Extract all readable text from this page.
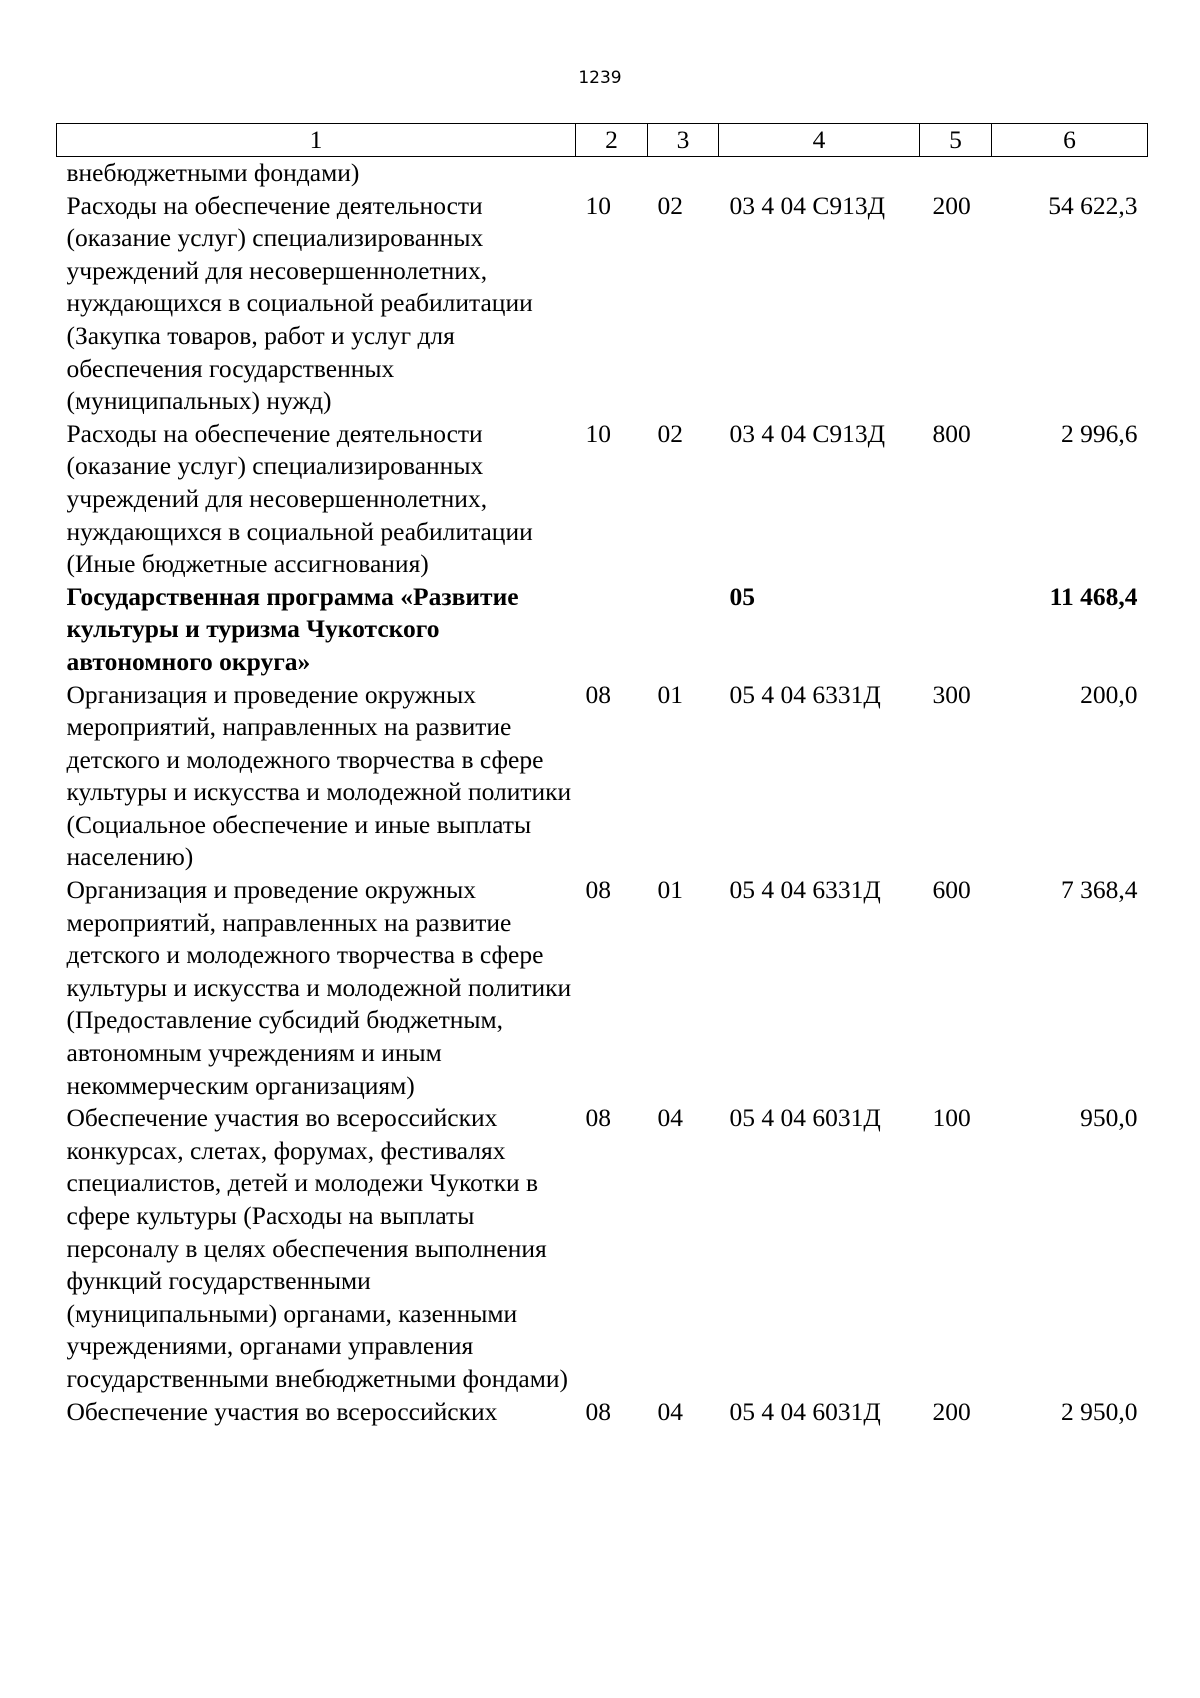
1239
1	2	3	4	5	6
внебюджетными фондами)					
Расходы на обеспечение деятельности (оказание услуг) специализированных учреждений для несовершеннолетних, нуждающихся в социальной реабилитации (Закупка товаров, работ и услуг для обеспечения государственных (муниципальных) нужд)	10	02	03 4 04 С913Д	200	54 622,3
Расходы на обеспечение деятельности (оказание услуг) специализированных учреждений для несовершеннолетних, нуждающихся в социальной реабилитации (Иные бюджетные ассигнования)	10	02	03 4 04 С913Д	800	2 996,6
Государственная программа «Развитие культуры и туризма Чукотского автономного округа»			05		11 468,4
Организация и проведение окружных мероприятий, направленных на развитие детского и молодежного творчества в сфере культуры и искусства и молодежной политики (Социальное обеспечение и иные выплаты населению)	08	01	05 4 04 6331Д	300	200,0
Организация и проведение окружных мероприятий, направленных на развитие детского и молодежного творчества в сфере культуры и искусства и молодежной политики (Предоставление субсидий бюджетным, автономным учреждениям и иным некоммерческим организациям)	08	01	05 4 04 6331Д	600	7 368,4
Обеспечение участия во всероссийских конкурсах, слетах, форумах, фестивалях специалистов, детей и молодежи Чукотки в сфере культуры (Расходы на выплаты персоналу в целях обеспечения выполнения функций государственными (муниципальными) органами, казенными учреждениями, органами управления государственными внебюджетными фондами)	08	04	05 4 04 6031Д	100	950,0
Обеспечение участия во всероссийских	08	04	05 4 04 6031Д	200	2 950,0
